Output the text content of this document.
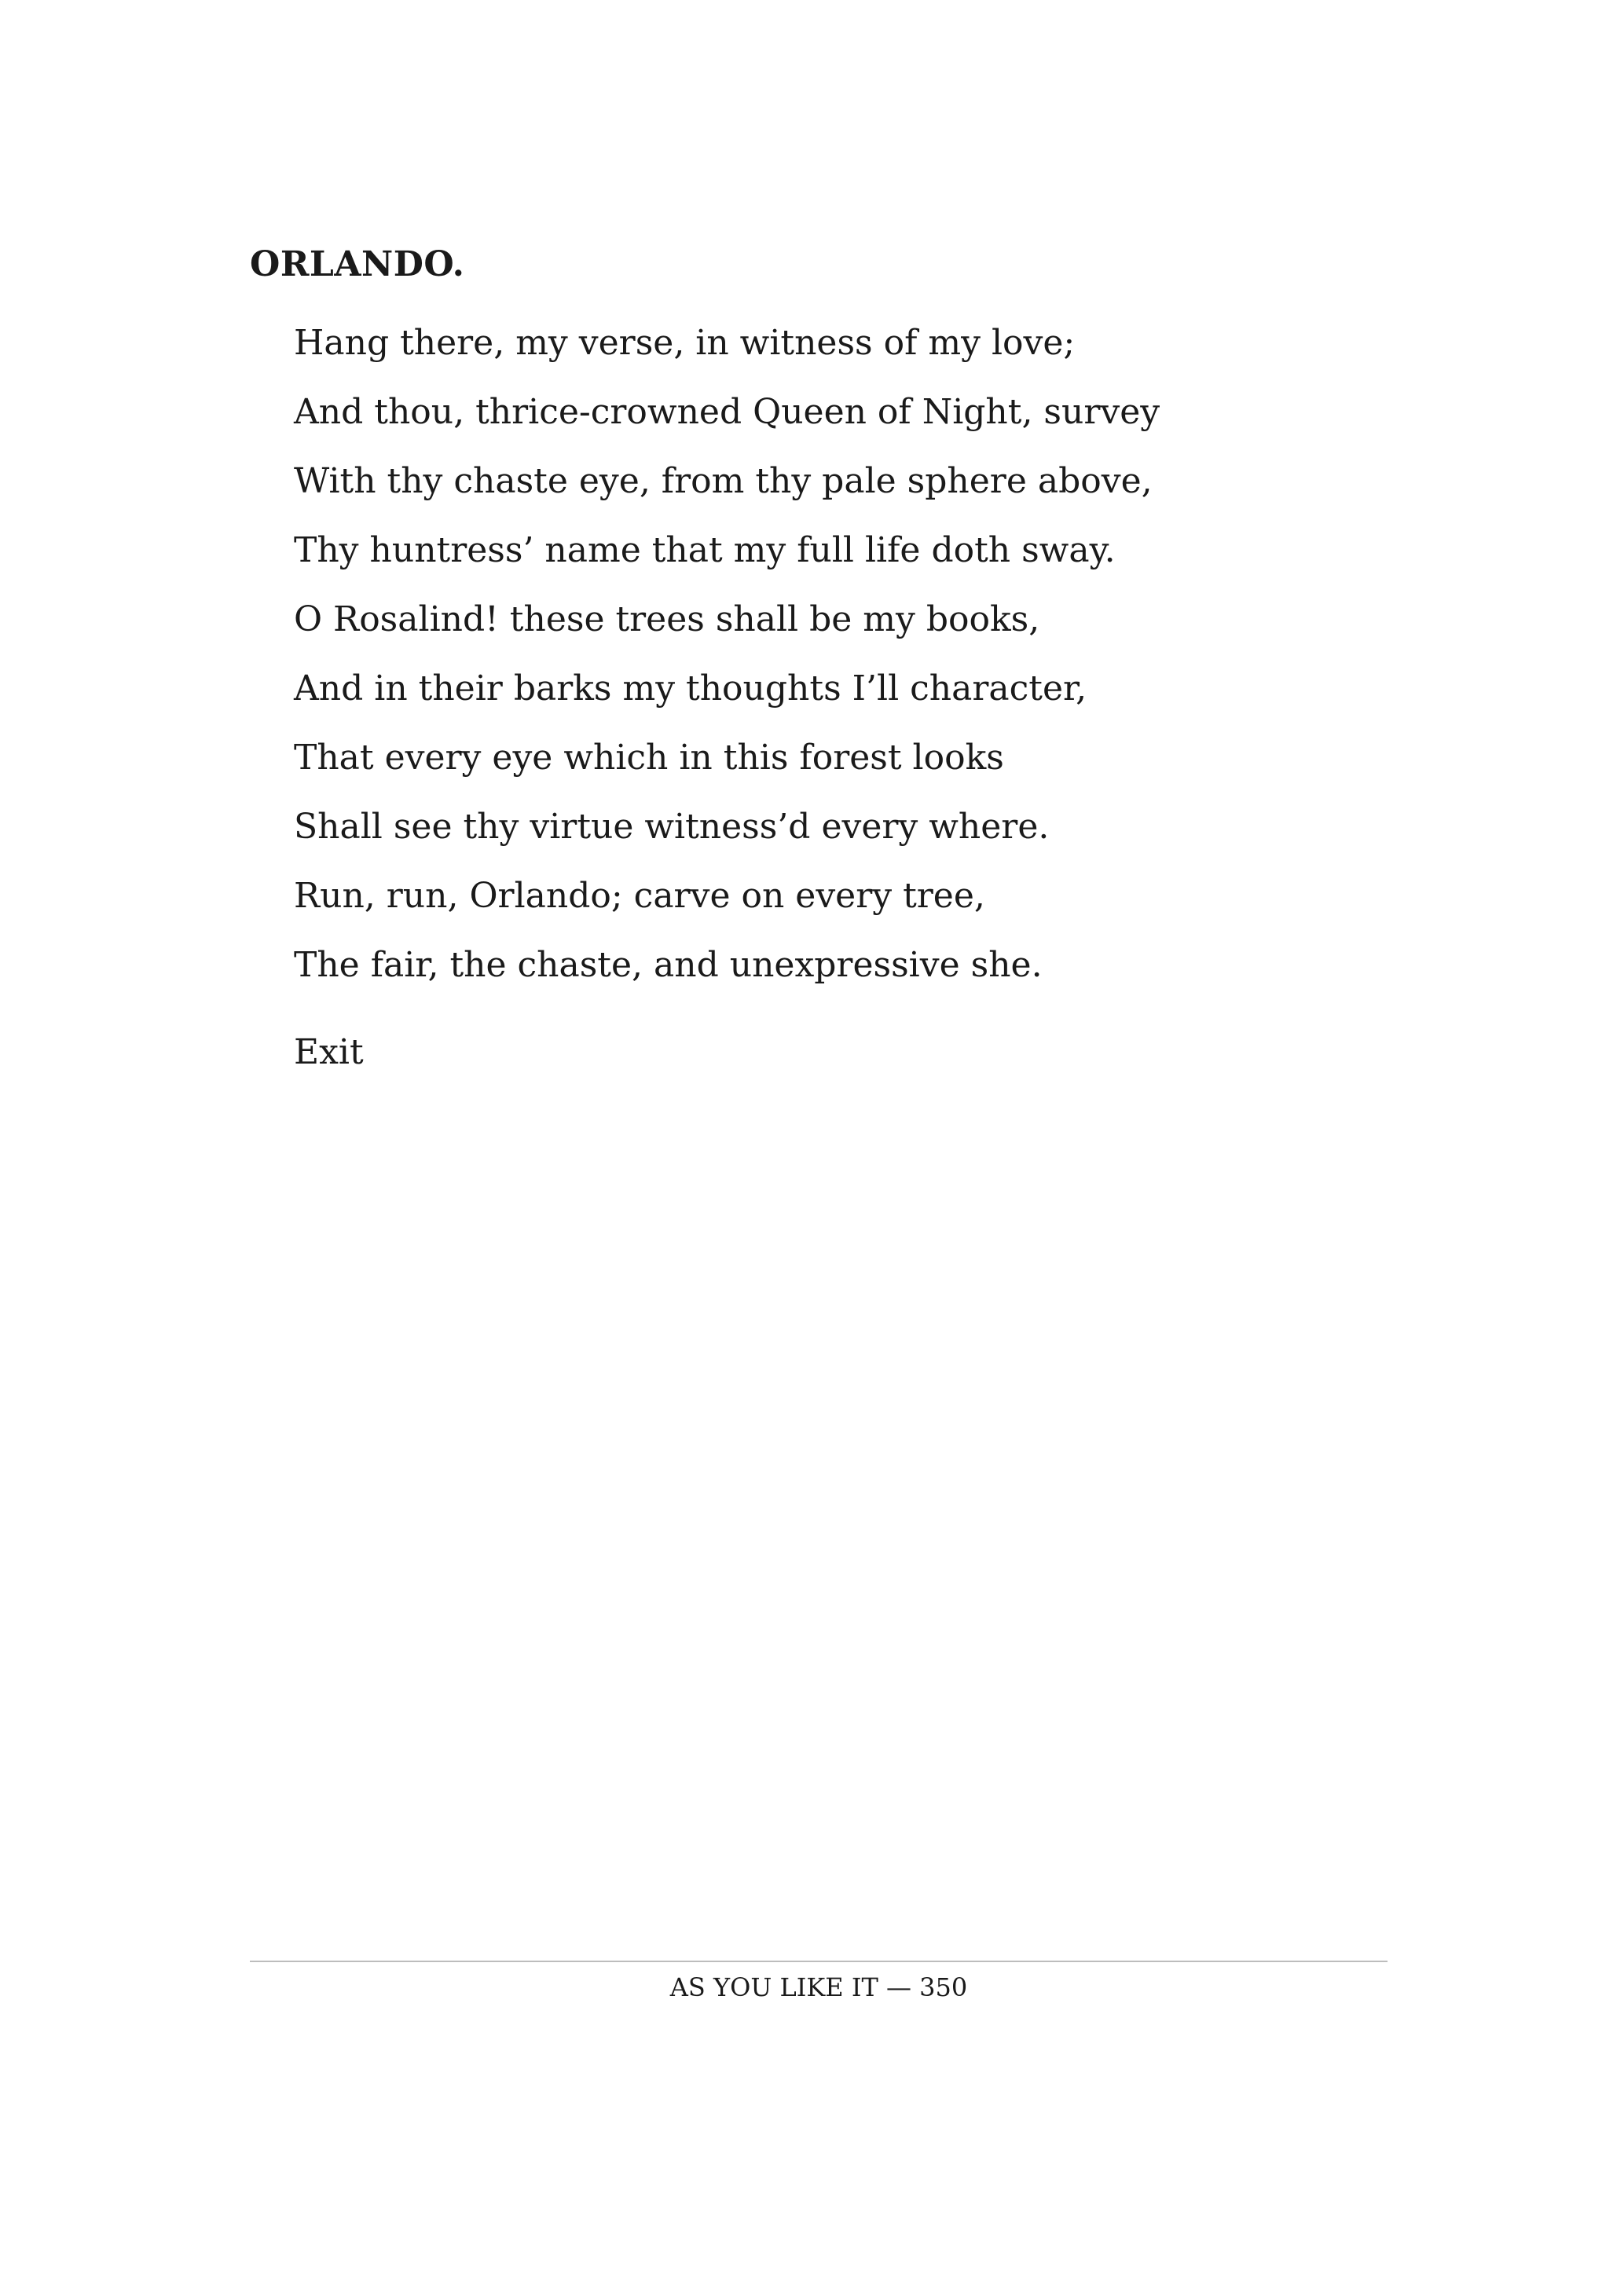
ORLANDO.

Hang there, my verse, in witness of my love;
And thou, thrice-crowned Queen of Night, survey
With thy chaste eye, from thy pale sphere above,
Thy huntress’ name that my full life doth sway.
O Rosalind! these trees shall be my books,
And in their barks my thoughts I’ll character,
That every eye which in this forest looks
Shall see thy virtue witness’d every where.
Run, run, Orlando; carve on every tree,
The fair, the chaste, and unexpressive she.

Exit

AS YOU LIKE IT — 350
